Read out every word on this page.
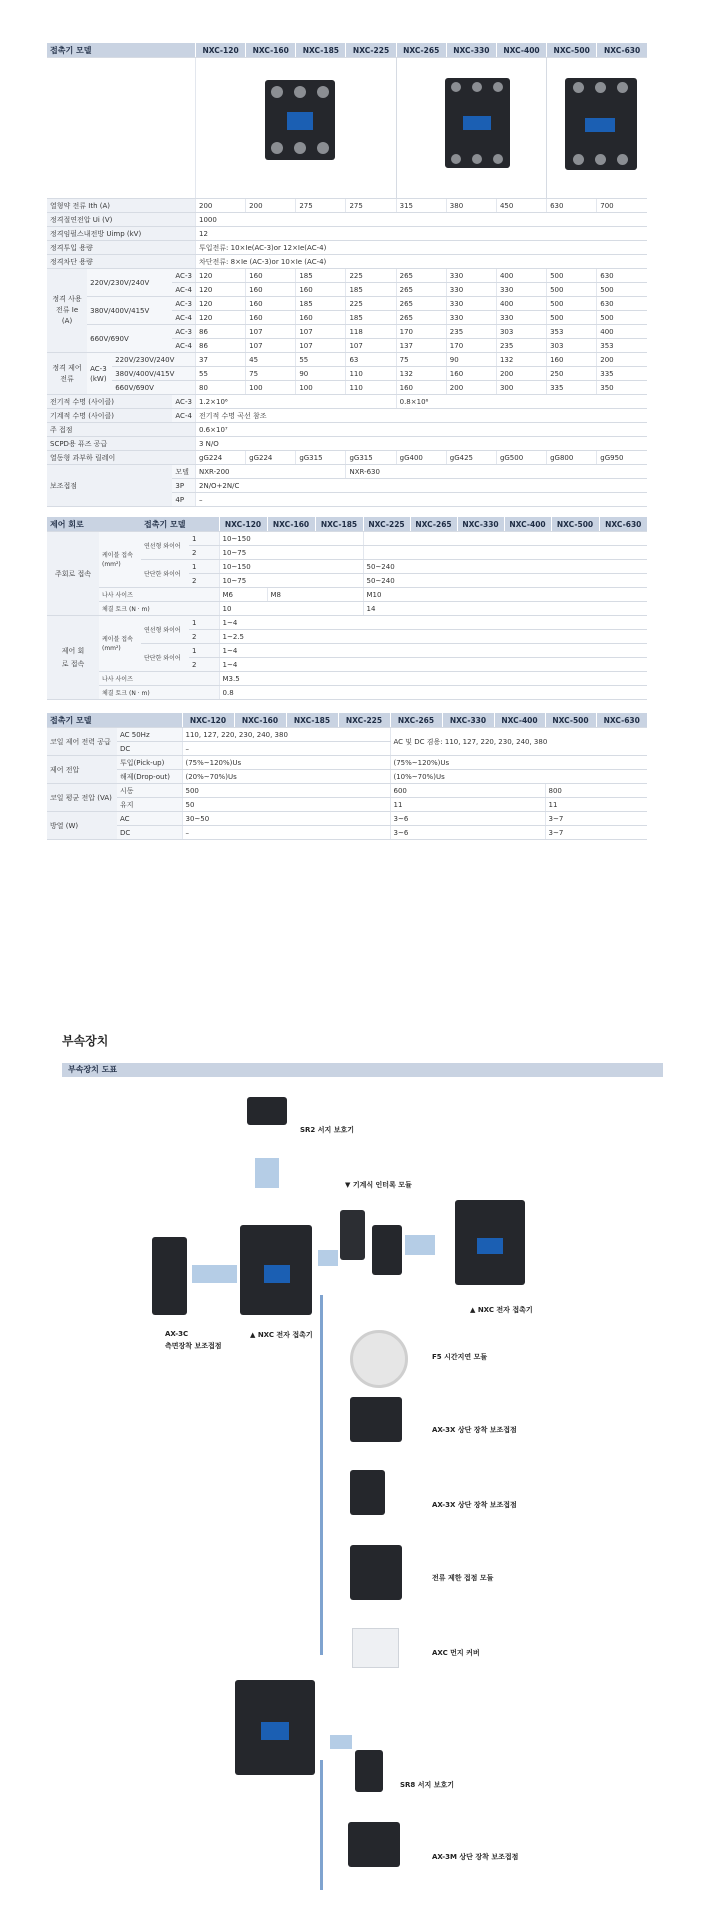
접촉기 모델				NXC-120	NXC-160	NXC-185	NXC-225	NXC-265	NXC-330	NXC-400	NXC-500	NXC-630

열형약 전류 Ith (A)				200	200	275	275	315	380	450	630	700
정격절연전압 Ui (V)				1000								
정격임펄스내전방 Uimp (kV)				12								
정격투입 용량				투입전류: 10×Ie(AC-3)or 12×Ie(AC-4)								
정격차단 용량				차단전류: 8×Ie (AC-3)or 10×Ie (AC-4)								
정격 사용 전류 Ie (A)	220V/230V/240V		AC-3	120	160	185	225	265	330	400	500	630
			AC-4	120	160	160	185	265	330	330	500	500
	380V/400V/415V		AC-3	120	160	185	225	265	330	400	500	630
			AC-4	120	160	160	185	265	330	330	500	500
	660V/690V		AC-3	86	107	107	118	170	235	303	353	400
			AC-4	86	107	107	107	137	170	235	303	353
정격 제어 전류	AC-3 (kW)	220V/230V/240V		37	45	55	63	75	90	132	160	200
		380V/400V/415V		55	75	90	110	132	160	200	250	335
		660V/690V		80	100	100	110	160	200	300	335	350
전기적 수명 (사이클)			AC-3	1.2×10⁶				0.8×10⁶				
기계적 수명 (사이클)			AC-4	전기적 수명 곡선 참조								
주 접점				0.6×10⁷								
SCPD용 퓨즈 공급				3 N/O								
열동형 과부하 릴레이				gG224	gG224	gG315	gG315	gG400	gG425	gG500	gG800	gG950
보조접점			모델	NXR-200			NXR-630					
			3P	2N/O+2N/C								
			4P	–								
제어 회로		접촉기 모델		NXC-120	NXC-160	NXC-185	NXC-225	NXC-265	NXC-330	NXC-400	NXC-500	NXC-630
주회로 접속	케이블 접속 (mm²)	연선형 와이어	1	10~150								
			2	10~75								
		단단한 와이어	1	10~150			50~240					
			2	10~75			50~240					
	나사 사이즈			M6	M8		M10					
	체결 토크 (N · m)			10			14					
제어 회로 접속	케이블 접속 (mm²)	연선형 와이어	1	1~4								
			2	1~2.5								
		단단한 와이어	1	1~4								
			2	1~4								
	나사 사이즈			M3.5								
	체결 토크 (N · m)			0.8								
접촉기 모델		NXC-120	NXC-160	NXC-185	NXC-225	NXC-265	NXC-330	NXC-400	NXC-500	NXC-630
코일 제어 전력 공급	AC 50Hz	110, 127, 220, 230, 240, 380				AC 및 DC 겸용: 110, 127, 220, 230, 240, 380				
	DC	–								
제어 전압	투입(Pick-up)	(75%~120%)Us				(75%~120%)Us				
	해제(Drop-out)	(20%~70%)Us				(10%~70%)Us				
코일 평균 전압 (VA)	시동	500				600			800	
	유지	50				11			11	
방열 (W)	AC	30~50				3~6			3~7	
	DC	–				3~6			3~7	
부속장치
부속장치 도표
SR2 서지 보호기
▼ 기계식 인터록 모듈
▲ NXC 전자 접촉기
▲ NXC 전자 접촉기
AX-3C
측면장착 보조접점
F5 시간지연 모듈
AX-3X 상단 장착 보조접점
AX-3X 상단 장착 보조접점
전류 제한 접점 모듈
AXC 먼지 커버
SR8 서지 보호기
AX-3M 상단 장착 보조접점
